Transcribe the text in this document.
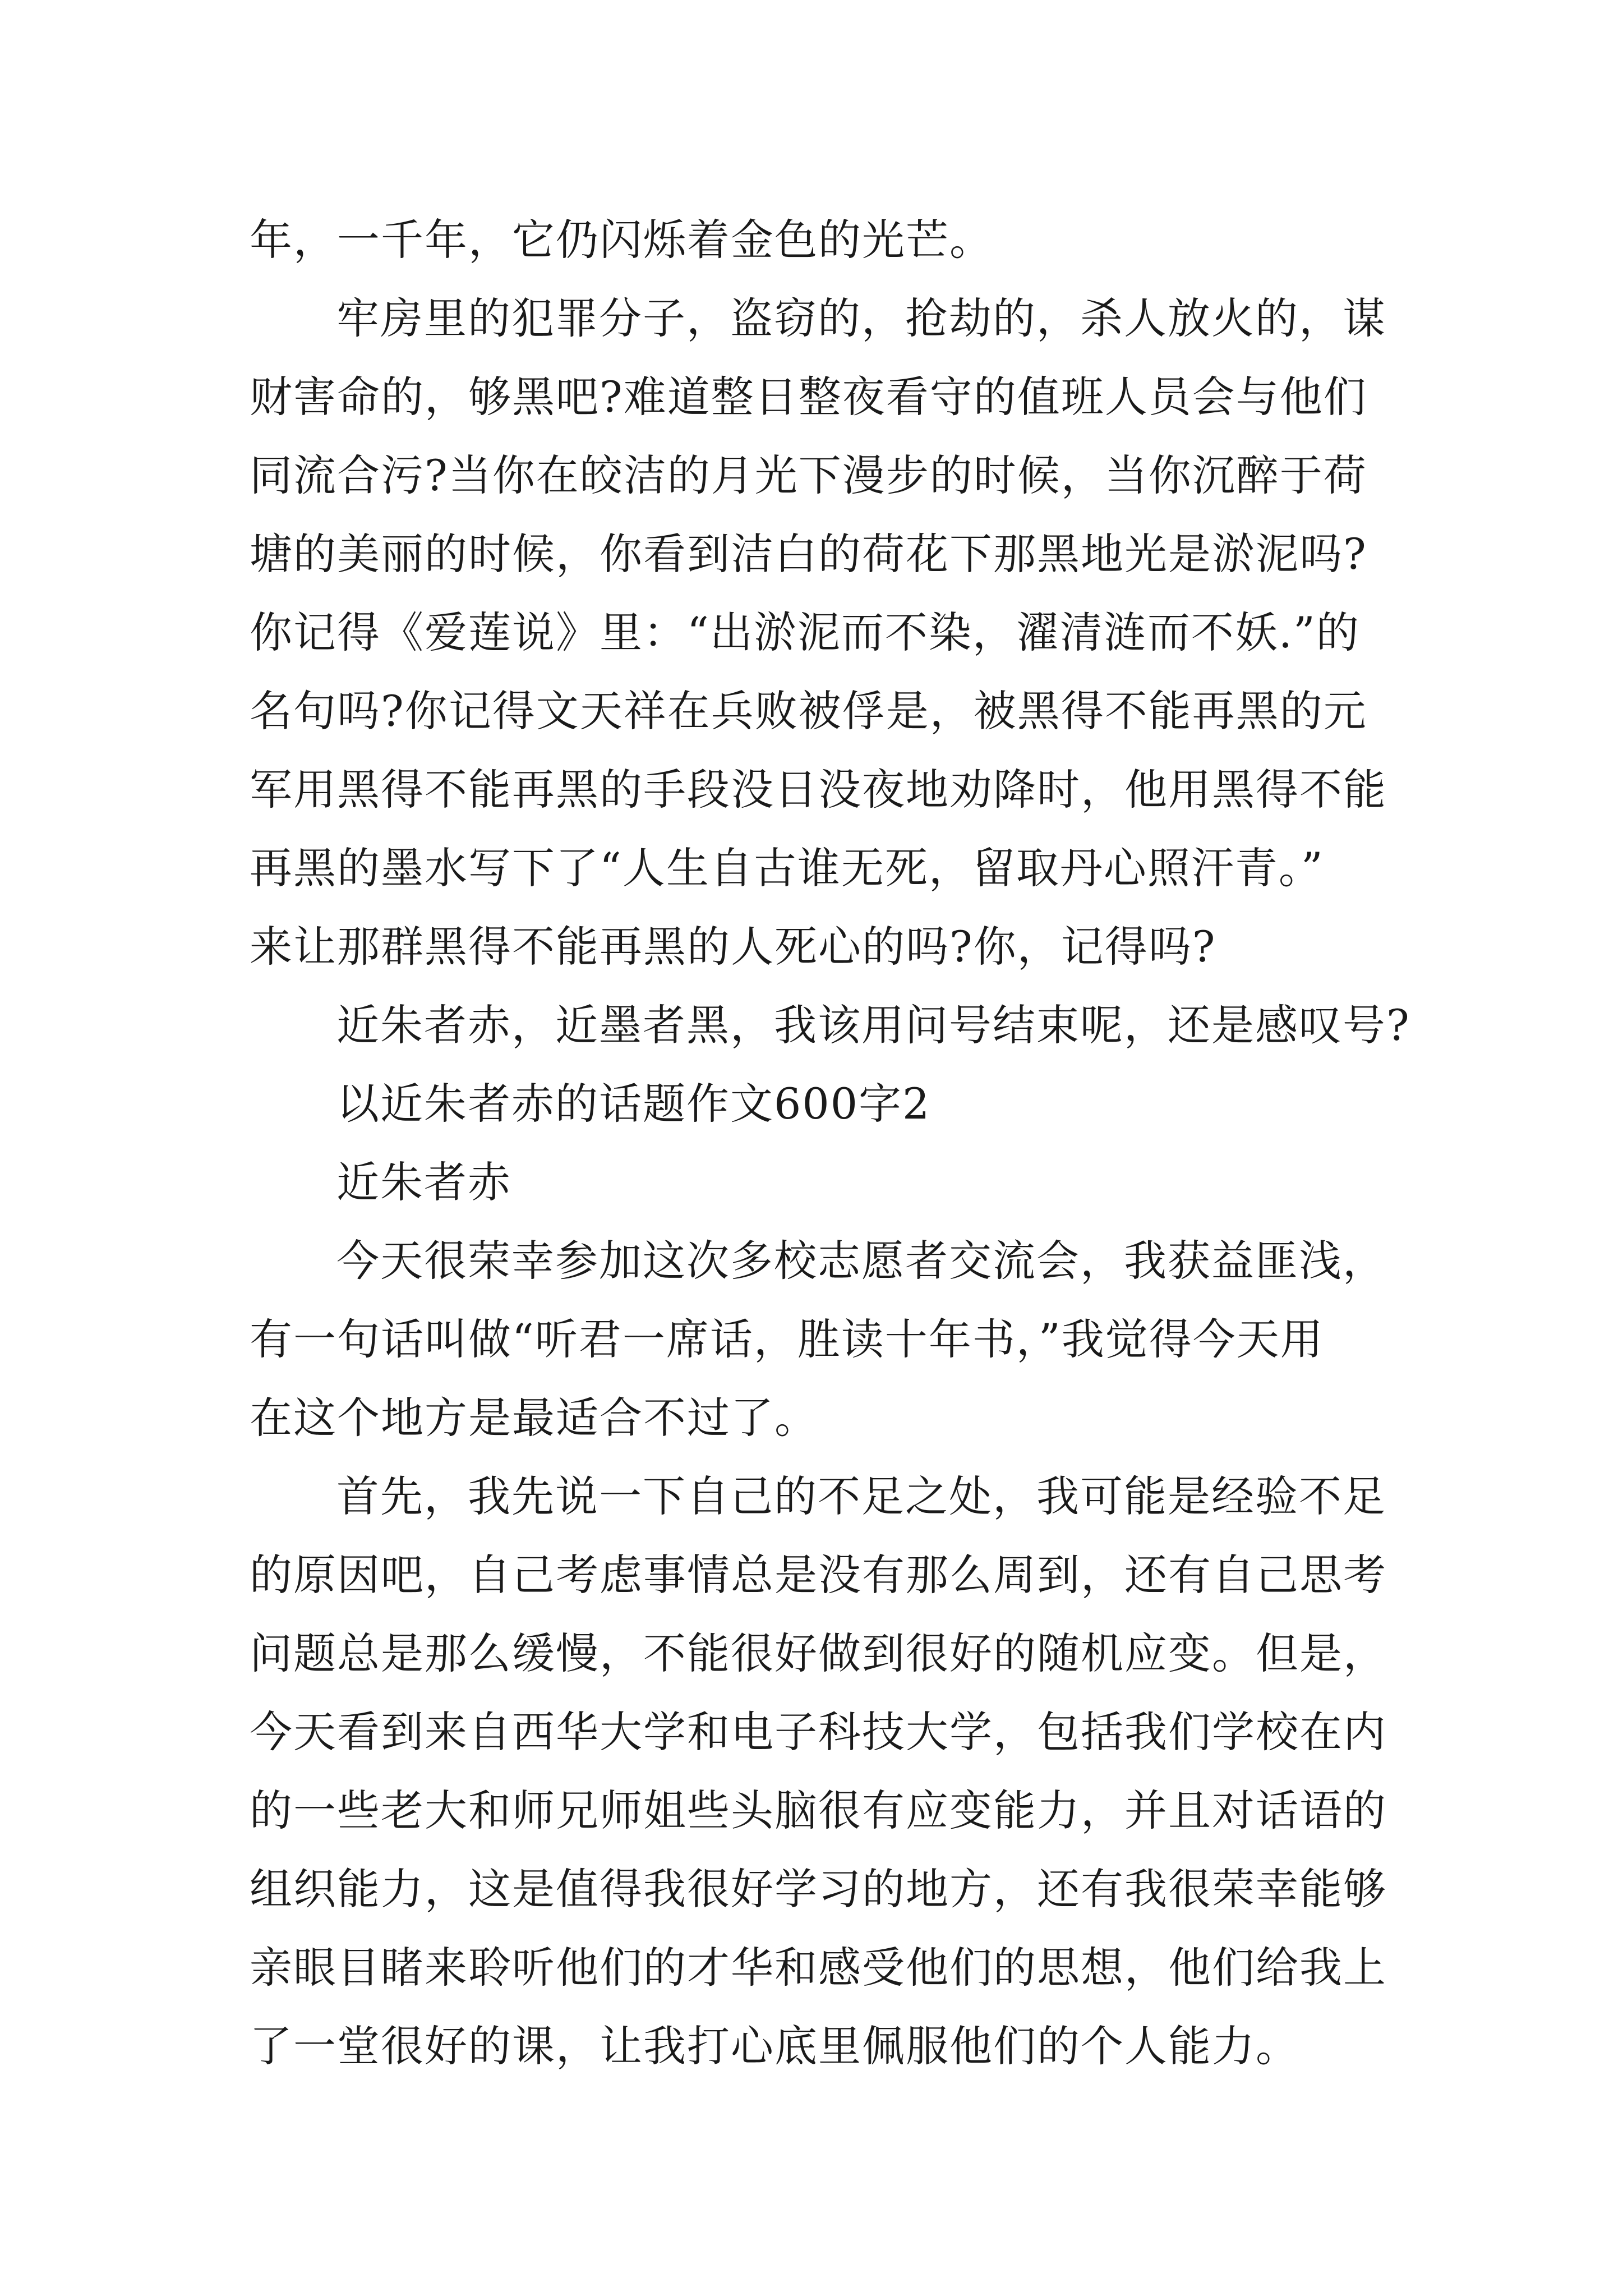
年，一千年，它仍闪烁着金色的光芒。
牢房里的犯罪分子，盗窃的，抢劫的，杀人放火的，谋
财害命的，够黑吧?难道整日整夜看守的值班人员会与他们
同流合污?当你在皎洁的月光下漫步的时候，当你沉醉于荷
塘的美丽的时候，你看到洁白的荷花下那黑地光是淤泥吗?
你记得《爱莲说》里：“出淤泥而不染，濯清涟而不妖.”的
名句吗?你记得文天祥在兵败被俘是，被黑得不能再黑的元
军用黑得不能再黑的手段没日没夜地劝降时，他用黑得不能
再黑的墨水写下了“人生自古谁无死，留取丹心照汗青。”
来让那群黑得不能再黑的人死心的吗?你，记得吗?
近朱者赤，近墨者黑，我该用问号结束呢，还是感叹号?
以近朱者赤的话题作文600字2
近朱者赤
今天很荣幸参加这次多校志愿者交流会，我获益匪浅，
有一句话叫做“听君一席话，胜读十年书，”我觉得今天用
在这个地方是最适合不过了。
首先，我先说一下自己的不足之处，我可能是经验不足
的原因吧，自己考虑事情总是没有那么周到，还有自己思考
问题总是那么缓慢，不能很好做到很好的随机应变。但是，
今天看到来自西华大学和电子科技大学，包括我们学校在内
的一些老大和师兄师姐些头脑很有应变能力，并且对话语的
组织能力，这是值得我很好学习的地方，还有我很荣幸能够
亲眼目睹来聆听他们的才华和感受他们的思想，他们给我上
了一堂很好的课，让我打心底里佩服他们的个人能力。
